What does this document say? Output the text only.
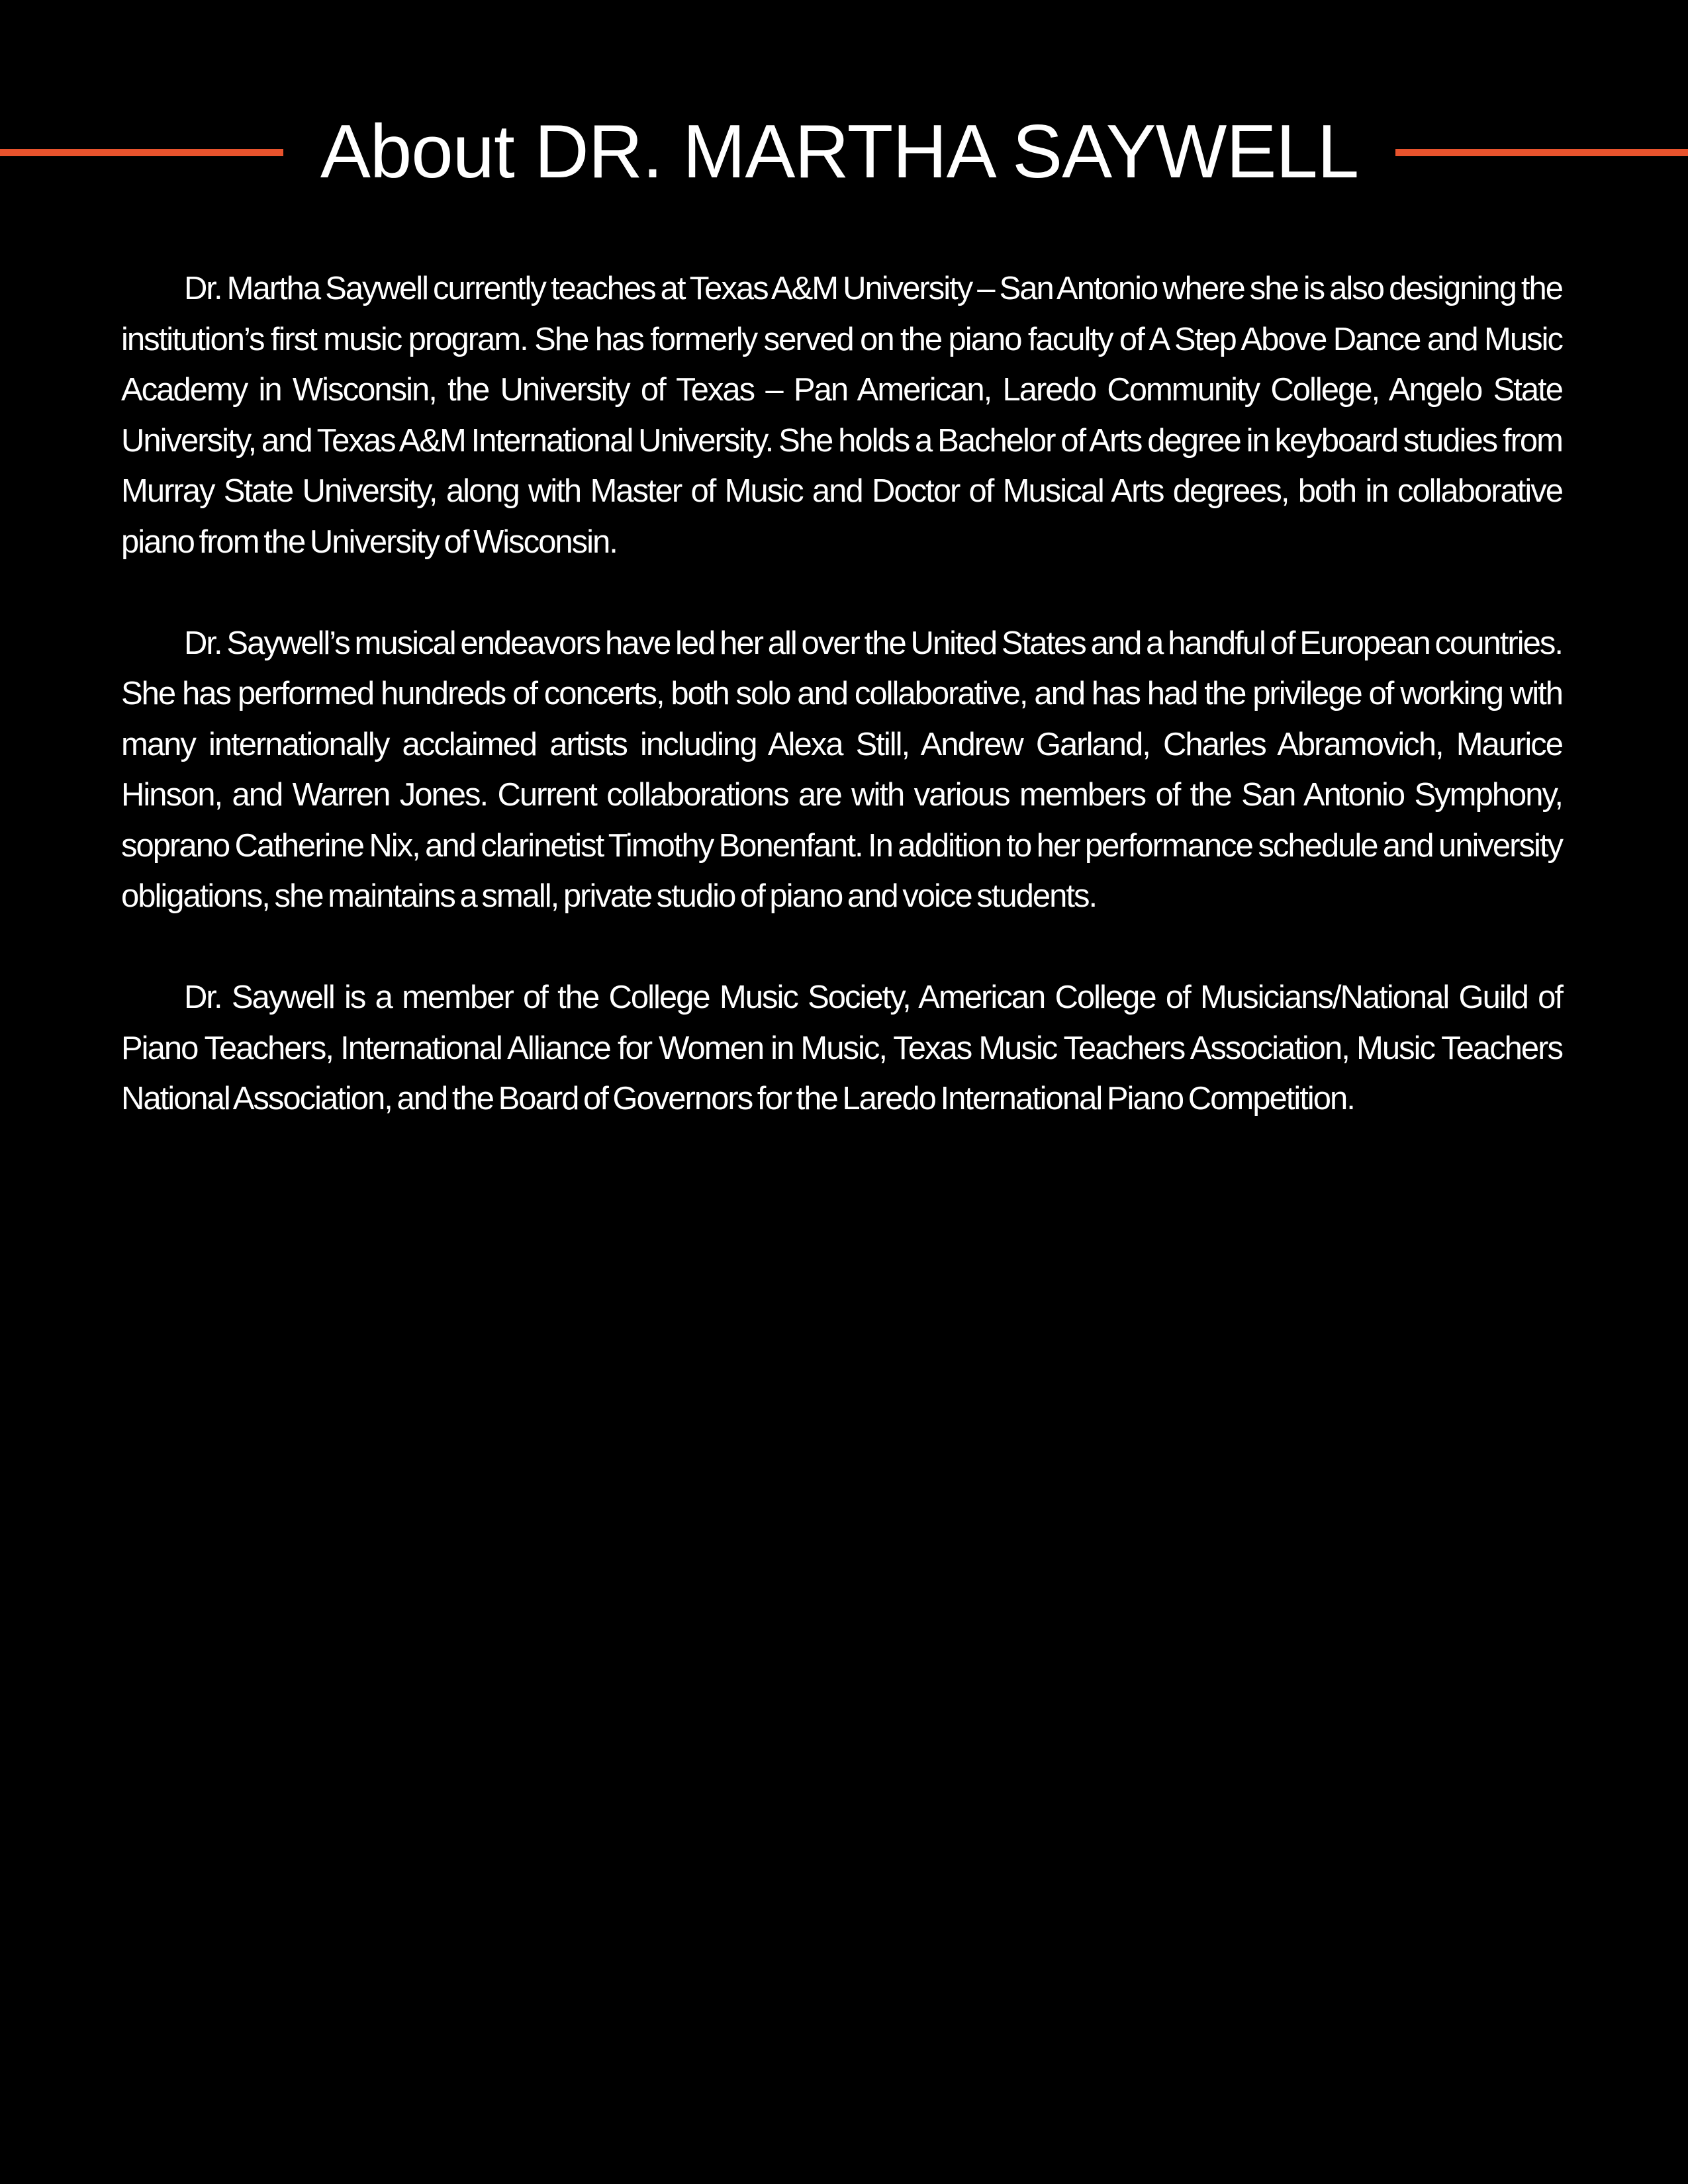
About DR. MARTHA SAYWELL

Dr. Martha Saywell currently teaches at Texas A&M University – San Antonio where she is also designing the institution’s first music program. She has formerly served on the piano faculty of A Step Above Dance and Music Academy in Wisconsin, the University of Texas – Pan American, Laredo Community College, Angelo State University, and Texas A&M International University. She holds a Bachelor of Arts degree in keyboard studies from Murray State University, along with Master of Music and Doctor of Musical Arts degrees, both in collaborative piano from the University of Wisconsin.

Dr. Saywell’s musical endeavors have led her all over the United States and a handful of European countries. She has performed hundreds of concerts, both solo and collaborative, and has had the privilege of working with many internationally acclaimed artists including Alexa Still, Andrew Garland, Charles Abramovich, Maurice Hinson, and Warren Jones. Current collaborations are with various members of the San Antonio Symphony, soprano Catherine Nix, and clarinetist Timothy Bonenfant. In addition to her performance schedule and university obligations, she maintains a small, private studio of piano and voice students.

Dr. Saywell is a member of the College Music Society, American College of Musicians/National Guild of Piano Teachers, International Alliance for Women in Music, Texas Music Teachers Association, Music Teachers National Association, and the Board of Governors for the Laredo International Piano Competition.
